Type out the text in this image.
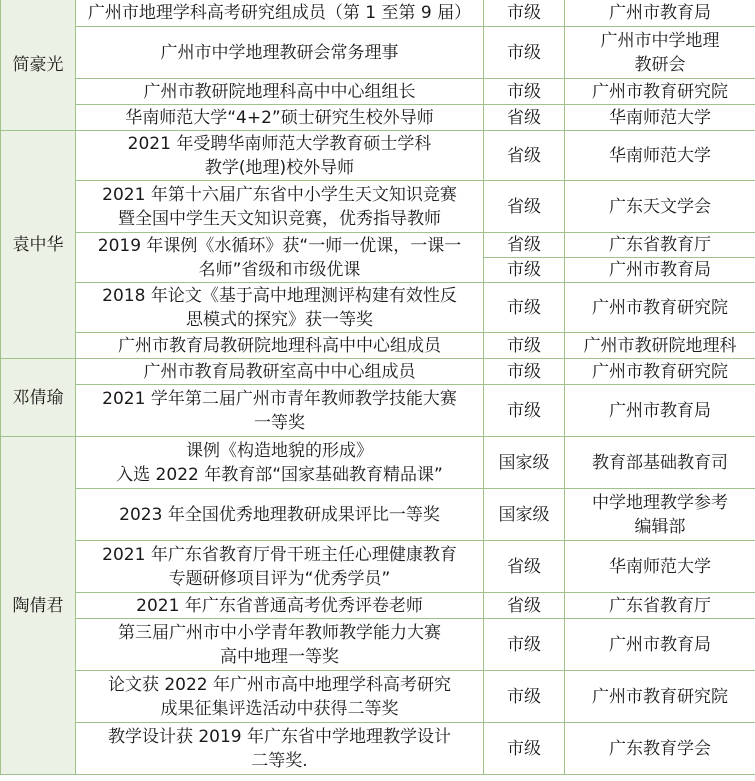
简豪光	广州市地理学科高考研究组成员（第 1 至第 9 届）	市级	广州市教育局
	广州市中学地理教研会常务理事	市级	广州市中学地理
教研会
	广州市教研院地理科高中中心组组长	市级	广州市教育研究院
	华南师范大学“4+2”硕士研究生校外导师	省级	华南师范大学
袁中华	2021 年受聘华南师范大学教育硕士学科
教学(地理)校外导师	省级	华南师范大学
	2021 年第十六届广东省中小学生天文知识竞赛
暨全国中学生天文知识竞赛，优秀指导教师	省级	广东天文学会
	2019 年课例《水循环》获“一师一优课，一课一
名师”省级和市级优课	省级	广东省教育厅
		市级	广州市教育局
	2018 年论文《基于高中地理测评构建有效性反
思模式的探究》获一等奖	市级	广州市教育研究院
	广州市教育局教研院地理科高中中心组成员	市级	广州市教研院地理科
邓倩瑜	广州市教育局教研室高中中心组成员	市级	广州市教育研究院
	2021 学年第二届广州市青年教师教学技能大赛
一等奖	市级	广州市教育局
陶倩君	课例《构造地貌的形成》
入选 2022 年教育部“国家基础教育精品课”	国家级	教育部基础教育司
	2023 年全国优秀地理教研成果评比一等奖	国家级	中学地理教学参考
编辑部
	2021 年广东省教育厅骨干班主任心理健康教育
专题研修项目评为“优秀学员”	省级	华南师范大学
	2021 年广东省普通高考优秀评卷老师	省级	广东省教育厅
	第三届广州市中小学青年教师教学能力大赛
高中地理一等奖	市级	广州市教育局
	论文获 2022 年广州市高中地理学科高考研究
成果征集评选活动中获得二等奖	市级	广州市教育研究院
	教学设计获 2019 年广东省中学地理教学设计
二等奖.	市级	广东教育学会
